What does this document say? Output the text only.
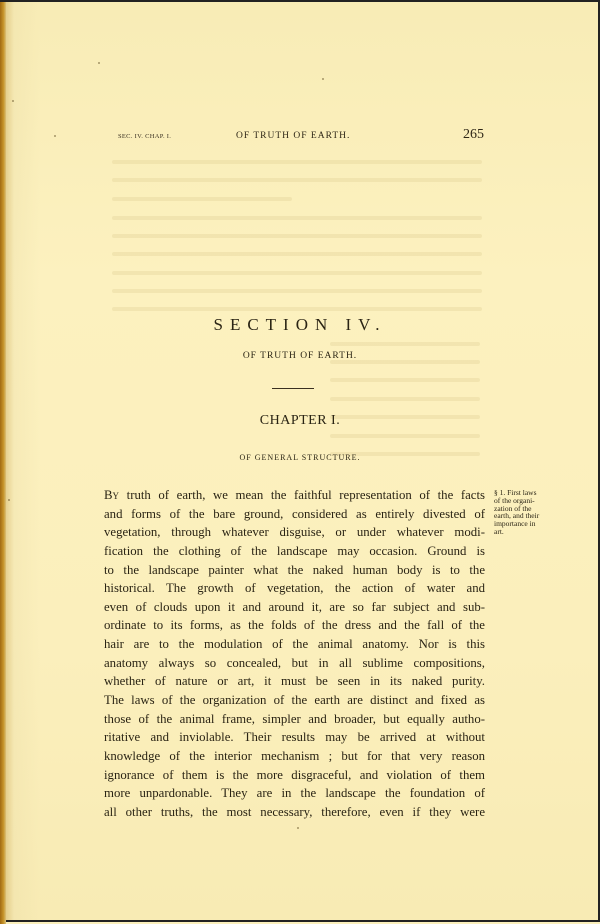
SEC. IV. CHAP. I.	OF TRUTH OF EARTH.	265
SECTION IV.
OF TRUTH OF EARTH.
CHAPTER I.
OF GENERAL STRUCTURE.
By truth of earth, we mean the faithful representation of the facts
and forms of the bare ground, considered as entirely divested of
vegetation, through whatever disguise, or under whatever modi-
fication the clothing of the landscape may occasion. Ground is
to the landscape painter what the naked human body is to the
historical. The growth of vegetation, the action of water and
even of clouds upon it and around it, are so far subject and sub-
ordinate to its forms, as the folds of the dress and the fall of the
hair are to the modulation of the animal anatomy. Nor is this
anatomy always so concealed, but in all sublime compositions,
whether of nature or art, it must be seen in its naked purity.
The laws of the organization of the earth are distinct and fixed as
those of the animal frame, simpler and broader, but equally autho-
ritative and inviolable. Their results may be arrived at without
knowledge of the interior mechanism ; but for that very reason
ignorance of them is the more disgraceful, and violation of them
more unpardonable. They are in the landscape the foundation of
all other truths, the most necessary, therefore, even if they were
§ 1. First laws
of the organi-
zation of the
earth, and their
importance in
art.
